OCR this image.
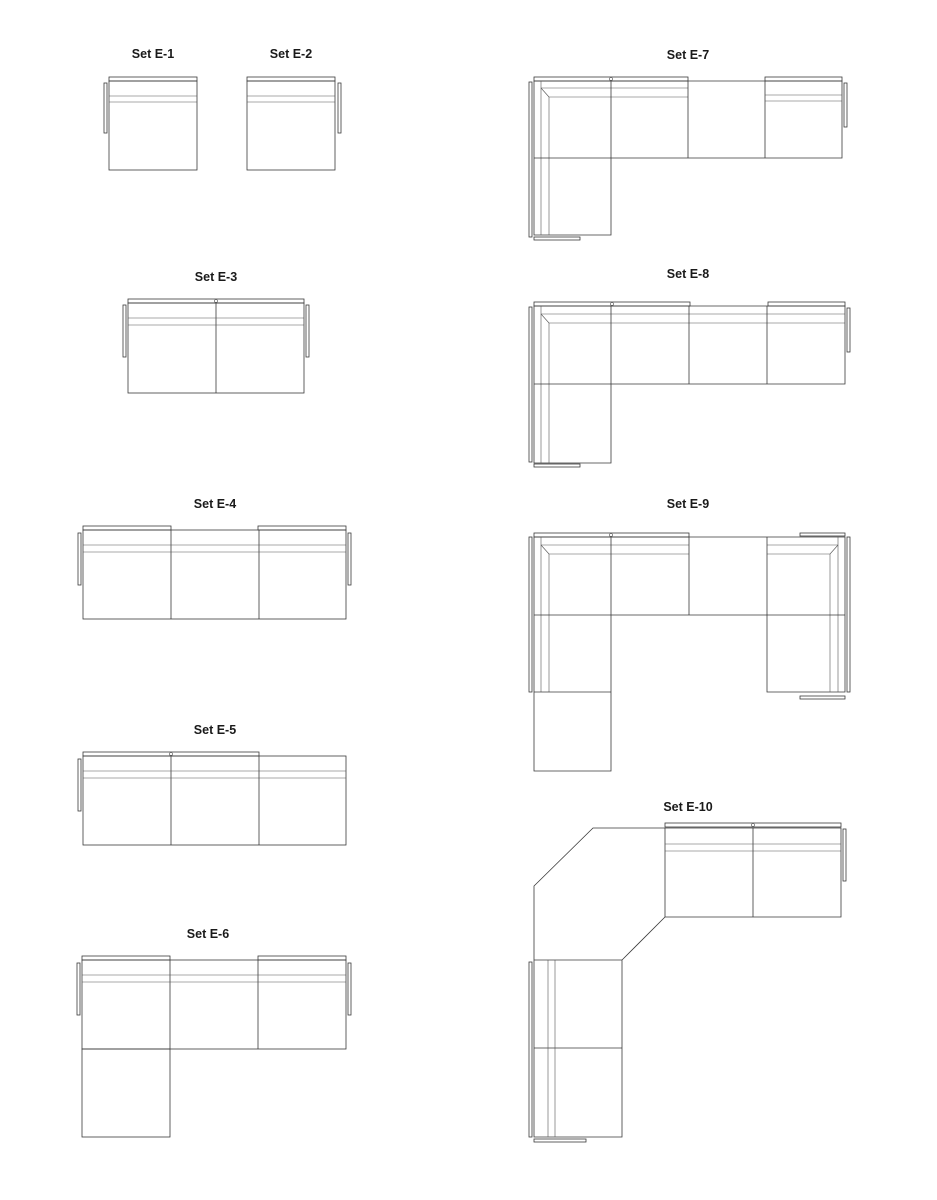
Set E-1	Set E-2
Set E-3
Set E-4
Set E-5
Set E-6
Set E-7
Set E-8
Set E-9
Set E-10
